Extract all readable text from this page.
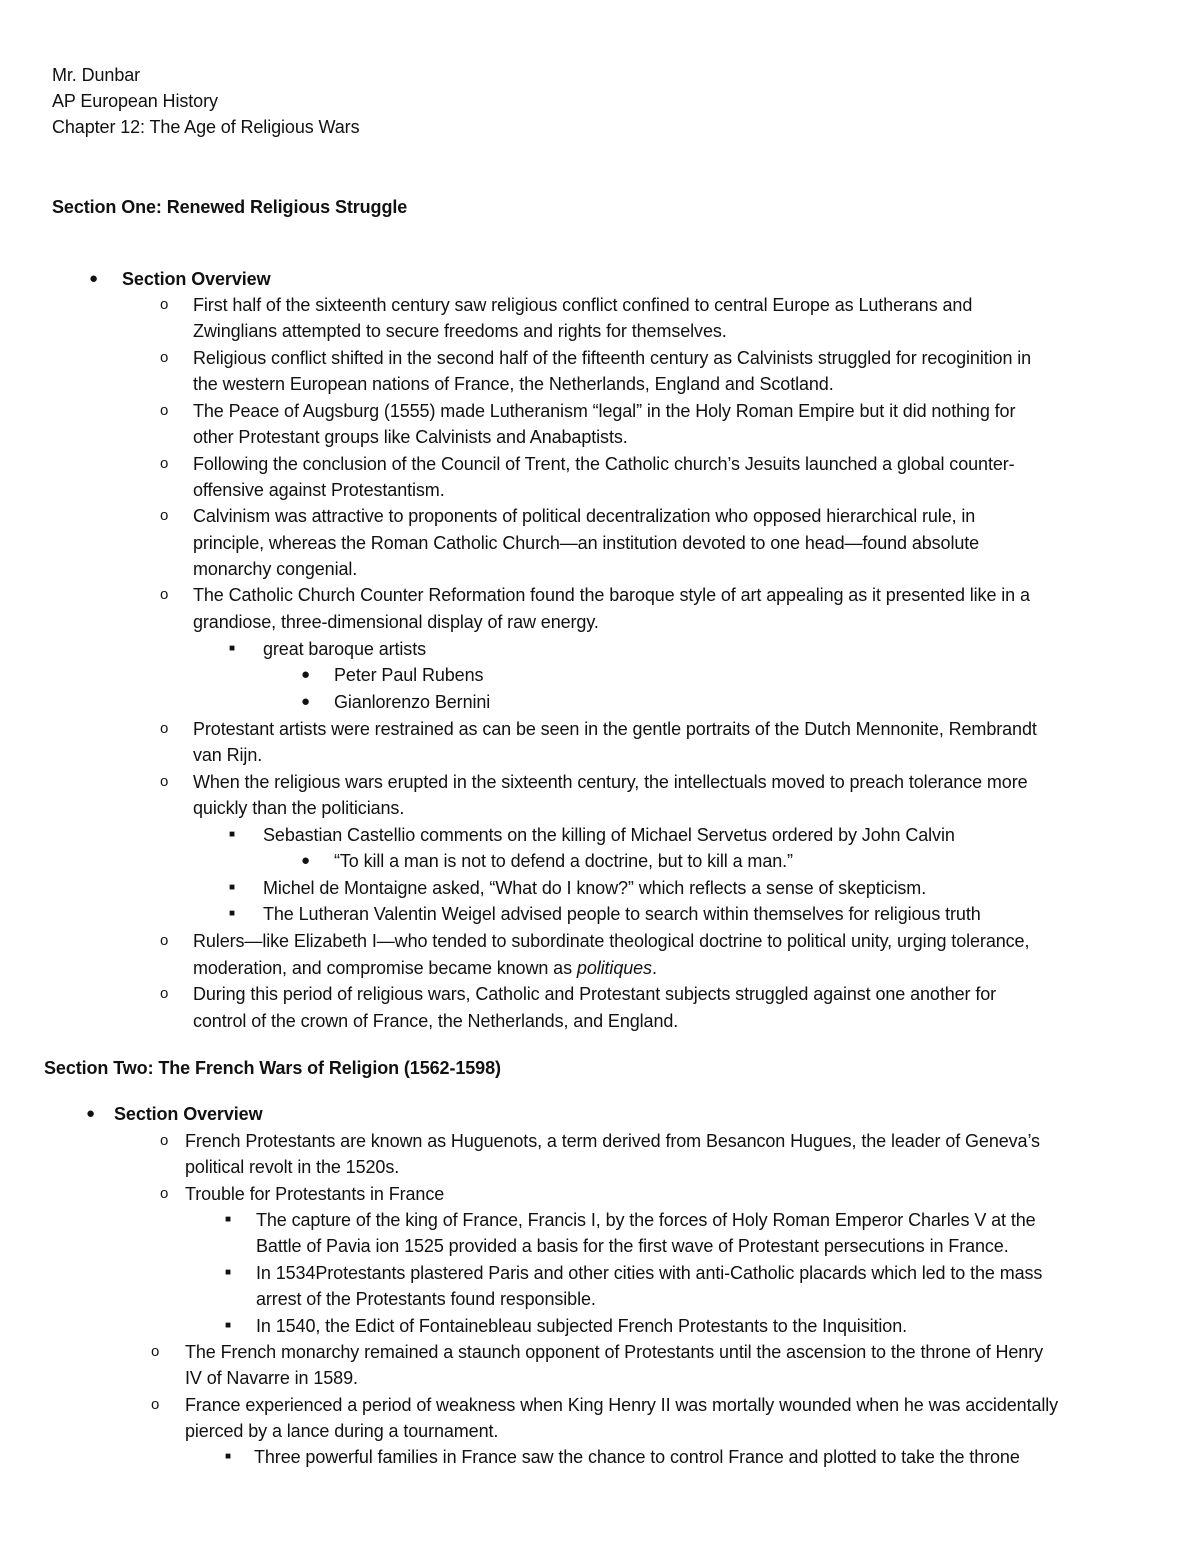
Mr. Dunbar
AP European History
Chapter 12: The Age of Religious Wars
Section One: Renewed Religious Struggle
● Section Overview
o First half of the sixteenth century saw religious conflict confined to central Europe as Lutherans and
Zwinglians attempted to secure freedoms and rights for themselves.
o Religious conflict shifted in the second half of the fifteenth century as Calvinists struggled for recoginition in
the western European nations of France, the Netherlands, England and Scotland.
o The Peace of Augsburg (1555) made Lutheranism “legal” in the Holy Roman Empire but it did nothing for
other Protestant groups like Calvinists and Anabaptists.
o Following the conclusion of the Council of Trent, the Catholic church’s Jesuits launched a global counter-
offensive against Protestantism.
o Calvinism was attractive to proponents of political decentralization who opposed hierarchical rule, in
principle, whereas the Roman Catholic Church—an institution devoted to one head—found absolute
monarchy congenial.
o The Catholic Church Counter Reformation found the baroque style of art appealing as it presented like in a
grandiose, three-dimensional display of raw energy.
■ great baroque artists
● Peter Paul Rubens
● Gianlorenzo Bernini
o Protestant artists were restrained as can be seen in the gentle portraits of the Dutch Mennonite, Rembrandt
van Rijn.
o When the religious wars erupted in the sixteenth century, the intellectuals moved to preach tolerance more
quickly than the politicians.
■ Sebastian Castellio comments on the killing of Michael Servetus ordered by John Calvin
● “To kill a man is not to defend a doctrine, but to kill a man.”
■ Michel de Montaigne asked, “What do I know?” which reflects a sense of skepticism.
■ The Lutheran Valentin Weigel advised people to search within themselves for religious truth
o Rulers—like Elizabeth I—who tended to subordinate theological doctrine to political unity, urging tolerance,
moderation, and compromise became known as politiques.
o During this period of religious wars, Catholic and Protestant subjects struggled against one another for
control of the crown of France, the Netherlands, and England.
Section Two: The French Wars of Religion (1562-1598)
● Section Overview
o French Protestants are known as Huguenots, a term derived from Besancon Hugues, the leader of Geneva’s
political revolt in the 1520s.
o Trouble for Protestants in France
■ The capture of the king of France, Francis I, by the forces of Holy Roman Emperor Charles V at the
Battle of Pavia ion 1525 provided a basis for the first wave of Protestant persecutions in France.
■ In 1534Protestants plastered Paris and other cities with anti-Catholic placards which led to the mass
arrest of the Protestants found responsible.
■ In 1540, the Edict of Fontainebleau subjected French Protestants to the Inquisition.
o The French monarchy remained a staunch opponent of Protestants until the ascension to the throne of Henry
IV of Navarre in 1589.
o France experienced a period of weakness when King Henry II was mortally wounded when he was accidentally
pierced by a lance during a tournament.
■ Three powerful families in France saw the chance to control France and plotted to take the throne
